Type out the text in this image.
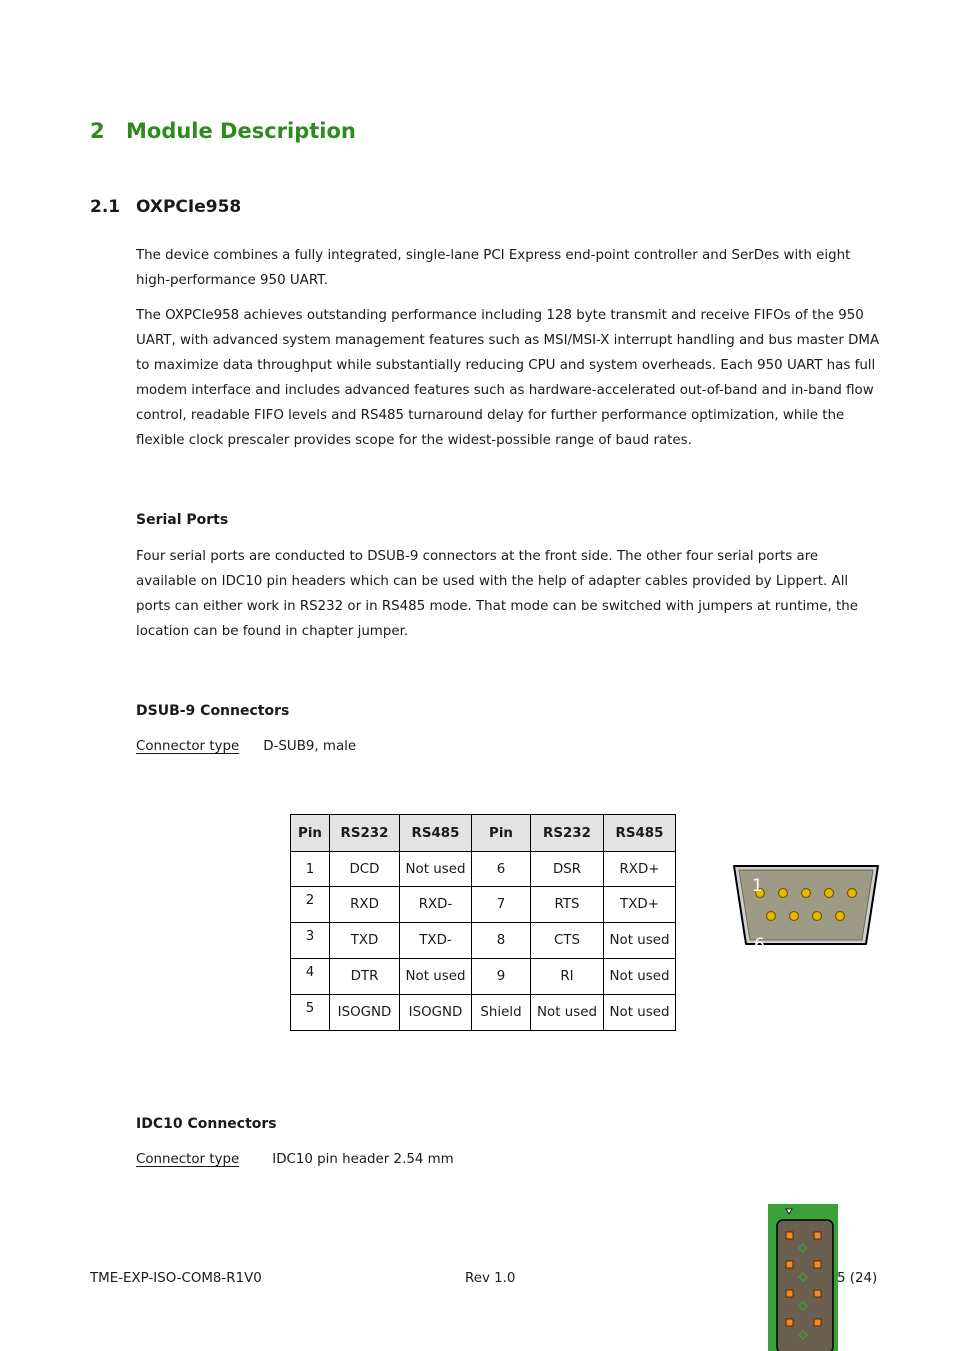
2 Module Description
2.1 OXPCIe958
The device combines a fully integrated, single-lane PCI Express end-point controller and SerDes with eight high-performance 950 UART.
The OXPCIe958 achieves outstanding performance including 128 byte transmit and receive FIFOs of the 950 UART, with advanced system management features such as MSI/MSI-X interrupt handling and bus master DMA to maximize data throughput while substantially reducing CPU and system overheads. Each 950 UART has full modem interface and includes advanced features such as hardware-accelerated out-of-band and in-band flow control, readable FIFO levels and RS485 turnaround delay for further performance optimization, while the flexible clock prescaler provides scope for the widest-possible range of baud rates.
Serial Ports
Four serial ports are conducted to DSUB-9 connectors at the front side. The other four serial ports are available on IDC10 pin headers which can be used with the help of adapter cables provided by Lippert. All ports can either work in RS232 or in RS485 mode. That mode can be switched with jumpers at runtime, the location can be found in chapter jumper.
DSUB-9 Connectors
Connector type D-SUB9, male
Pin	RS232	RS485	Pin	RS232	RS485
1	DCD	Not used	6	DSR	RXD+
2	RXD	RXD-	7	RTS	TXD+
3	TXD	TXD-	8	CTS	Not used
4	DTR	Not used	9	RI	Not used
5	ISOGND	ISOGND	Shield	Not used	Not used
1
6
IDC10 Connectors
Connector type IDC10 pin header 2.54 mm
TME-EXP-ISO-COM8-R1V0	Rev 1.0	5 (24)
